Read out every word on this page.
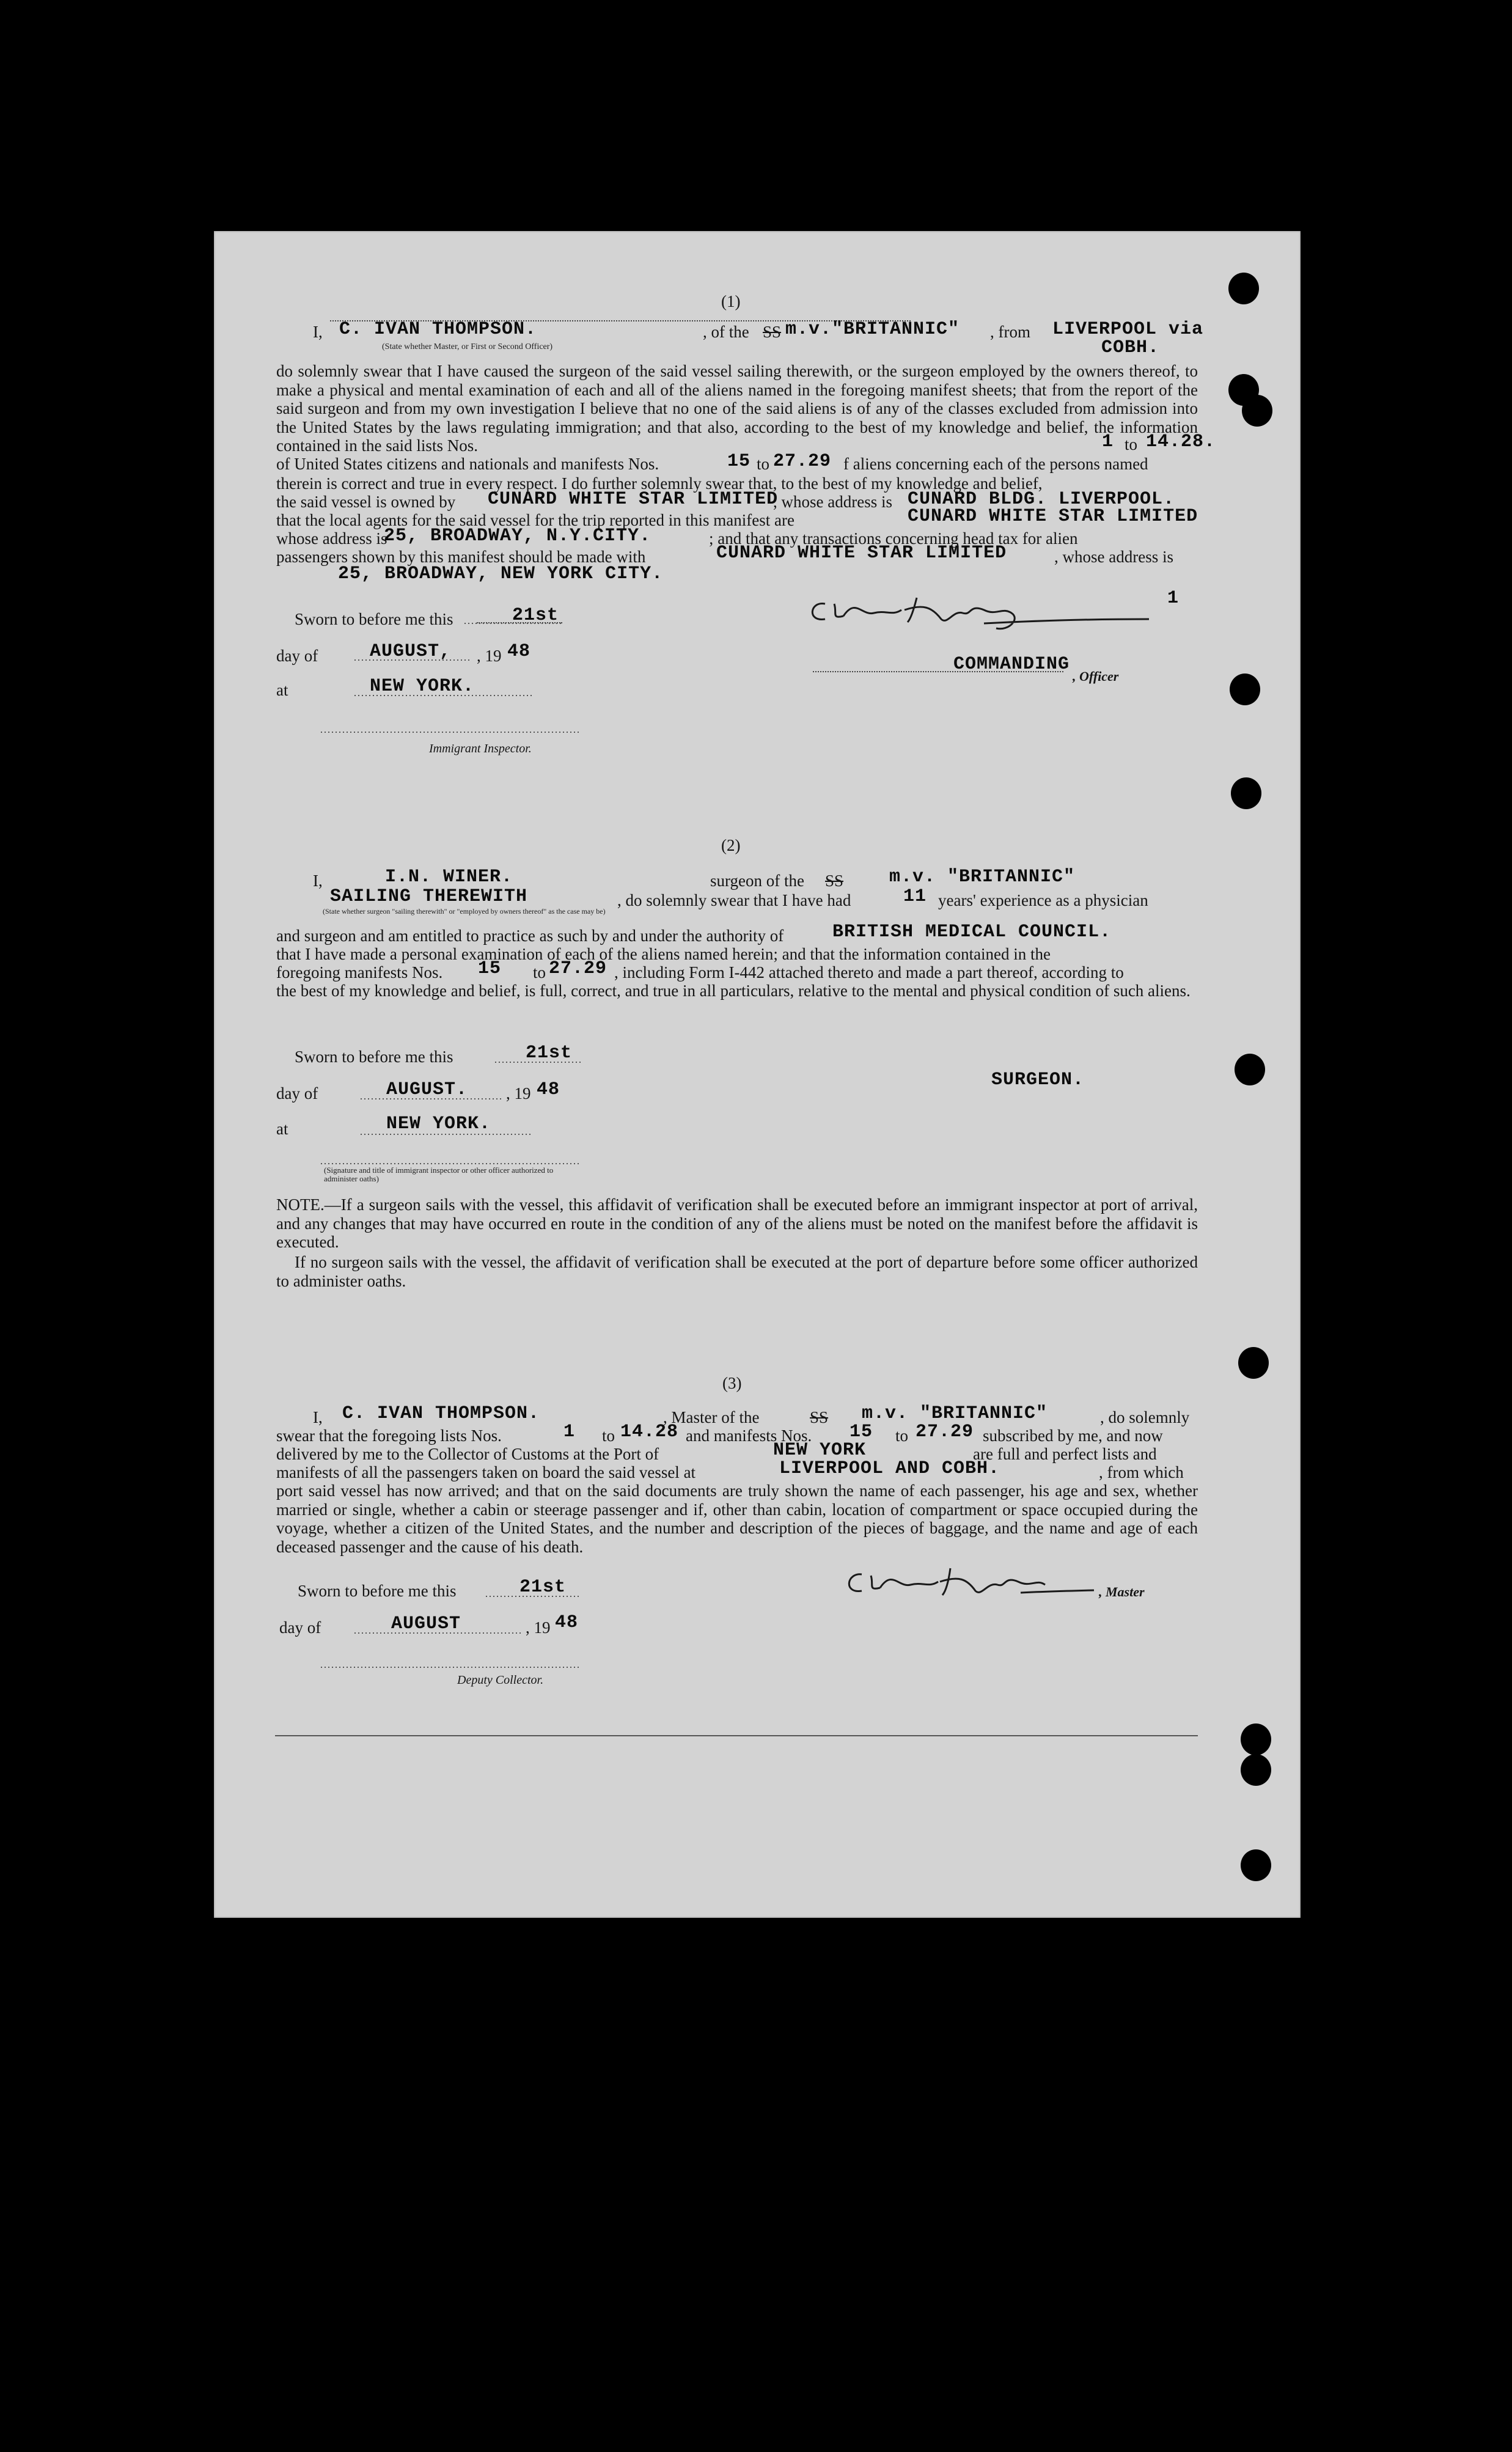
(1)
I, C. IVAN THOMPSON.	, of the SS m.v."BRITANNIC" , from LIVERPOOL via
COBH.
(State whether Master, or First or Second Officer)
do solemnly swear that I have caused the surgeon of the said vessel sailing therewith, or the surgeon employed by the owners thereof, to make a physical and mental examination of each and all of the aliens named in the foregoing manifest sheets; that from the report of the said surgeon and from my own investigation I believe that no one of the said aliens is of any of the classes excluded from admission into the United States by the laws regulating immigration; and that also, according to the best of my knowledge and belief, the information contained in the said lists Nos.	1 to 14.28.
of United States citizens and nationals and manifests Nos.	15 to 27.29 f aliens concerning each of the persons named
therein is correct and true in every respect. I do further solemnly swear that, to the best of my knowledge and belief,
the said vessel is owned by CUNARD WHITE STAR LIMITED
, whose address is CUNARD BLDG. LIVERPOOL.
that the local agents for the said vessel for the trip reported in this manifest are	CUNARD WHITE STAR LIMITED
whose address is
25, BROADWAY, N.Y.CITY.	; and that any transactions concerning head tax for alien
passengers shown by this manifest should be made with	CUNARD WHITE STAR LIMITED	, whose address is
25, BROADWAY, NEW YORK CITY.
Sworn to before me this	21st
day of	AUGUST, , 19 48
at	NEW YORK.
Immigrant Inspector.
1
COMMANDING
, Officer
(2)
I,	I.N. WINER.	surgeon of the SS m.v. "BRITANNIC"
SAILING THEREWITH	, do solemnly swear that I have had	11 years' experience as a physician
(State whether surgeon "sailing therewith" or "employed by owners thereof" as the case may be)
and surgeon and am entitled to practice as such by and under the authority of	BRITISH MEDICAL COUNCIL.
that I have made a personal examination of each of the aliens named herein; and that the information contained in the
foregoing manifests Nos. 15 to 27.29 , including Form I-442 attached thereto and made a part thereof, according to
the best of my knowledge and belief, is full, correct, and true in all particulars, relative to the mental and physical condition of such aliens.
Sworn to before me this	21st
day of	AUGUST. , 19 48
at	NEW YORK.
SURGEON.
(Signature and title of immigrant inspector or other officer authorized to administer oaths)
NOTE.—If a surgeon sails with the vessel, this affidavit of verification shall be executed before an immigrant inspector at port of arrival, and any changes that may have occurred en route in the condition of any of the aliens must be noted on the manifest before the affidavit is executed.
If no surgeon sails with the vessel, the affidavit of verification shall be executed at the port of departure before some officer authorized to administer oaths.
(3)
I, C. IVAN THOMPSON.	, Master of the	SS m.v. "BRITANNIC"	, do solemnly
swear that the foregoing lists Nos.	1 to 14.28 and manifests Nos. 15 to 27.29 subscribed by me, and now
delivered by me to the Collector of Customs at the Port of	NEW YORK	are full and perfect lists and
manifests of all the passengers taken on board the said vessel at	LIVERPOOL AND COBH.	, from which
port said vessel has now arrived; and that on the said documents are truly shown the name of each passenger, his age and sex, whether married or single, whether a cabin or steerage passenger and if, other than cabin, location of compartment or space occupied during the voyage, whether a citizen of the United States, and the number and description of the pieces of baggage, and the name and age of each deceased passenger and the cause of his death.
Sworn to before me this	21st
day of	AUGUST	, 19 48
Deputy Collector.
, Master
